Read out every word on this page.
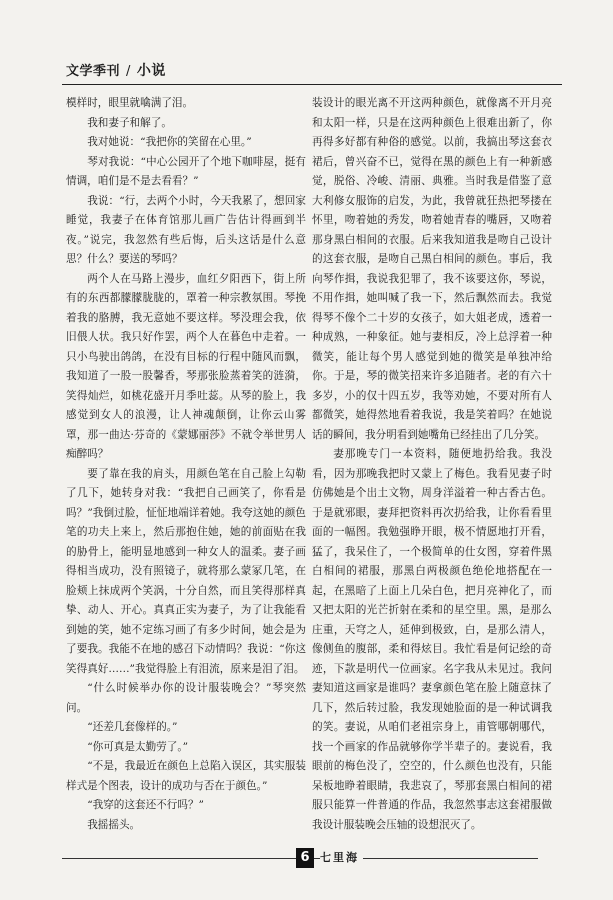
文学季刊 / 小说

模样时，眼里就噙满了泪。

我和妻子和解了。

我对她说：“我把你的笑留在心里。”

琴对我说：“中心公园开了个地下咖啡屋，挺有情调，咱们是不是去看看？”

我说：“行，去两个小时，今天我累了，想回家睡觉，我妻子在体育馆那儿画广告估计得画到半夜。”说完，我忽然有些后悔，后头这话是什么意思？什么？要送的琴吗？

两个人在马路上漫步，血红夕阳西下，街上所有的东西都朦朦胧胧的，罩着一种宗教氛围。琴挽着我的胳膊，我无意她不要这样。琴没理会我，依旧偎人状。我只好作罢，两个人在暮色中走着。一只小鸟驶出鸽鸽，在没有目标的行程中随风而飘，我知道了一股一股馨香，琴那张脸蒸着笑的涟漪，笑得灿烂，如桃花盛开月季吐蕊。从琴的脸上，我感觉到女人的浪漫，让人神魂颠倒，让你云山雾罩，那一曲达·芬奇的《蒙娜丽莎》不就令举世男人痴醉吗？

要了靠在我的肩头，用颜色笔在自己脸上勾勒了几下，她转身对我：“我把自己画笑了，你看是吗？”我倒过脸，怔怔地端详着她。我夸这她的颜色笔的功夫上来上，然后那抱住她，她的前面贴在我的胁骨上，能明显地感到一种女人的温柔。妻子画得相当成功，没有照镜子，就将那么蒙冢几笔，在脸颊上抹成两个笑涡，十分自然，而且笑得那样真挚、动人、开心。真真正实为妻子，为了让我能看到她的笑，她不定练习画了有多少时间，她会是为了要我。我能不在地的感召下动情吗？我说：“你这笑得真好……”我觉得脸上有泪流，原来是泪了泪。

“什么时候举办你的设计服装晚会？”琴突然问。

“还差几套像样的。”

“你可真是太勤劳了。”

“不是，我最近在颜色上总陷入误区，其实服装样式是个图表，设计的成功与否在于颜色。”

“我穿的这套还不行吗？”

我摇摇头。

装设计的眼光离不开这两种颜色，就像离不开月亮和太阳一样，只是在这两种颜色上很难出新了，你再得多好都有种俗的感觉。以前，我搞出琴这套衣裙后，曾兴奋不已，觉得在黑的颜色上有一种新感觉，脱俗、冷峻、清丽、典雅。当时我是借鉴了意大利修女服饰的启发，为此，我曾就狂热把琴搂在怀里，吻着她的秀发，吻着她青春的嘴唇，又吻着那身黑白相间的衣服。后来我知道我是吻自己设计的这套衣服，是吻自己黑白相间的颜色。事后，我向琴作揖，我说我犯罪了，我不该要这你，琴说，不用作揖，她叫喊了我一下，然后飘然而去。我觉得琴不像个二十岁的女孩子，如大姐老成，透着一种成熟，一种象征。她与妻相反，冷上总浮着一种微笑，能让每个男人感觉到她的微笑是单独冲给你。于是，琴的微笑招来许多追随者。老的有六十多岁，小的仅十四五岁，我等劝她，不要对所有人都微笑，她得然地看着我说，我是笑着吗？在她说话的瞬间，我分明看到她嘴角已经挂出了几分笑。

妻那晚专门一本资料，随便地扔给我。我没看，因为那晚我把时又蒙上了梅色。我看见妻子时仿佛她是个出土文物，周身洋溢着一种古香古色。于是就邪眼，妻拜把资料再次扔给我，让你看看里面的一幅图。我勉强睁开眼，极不情愿地打开看，猛了，我呆住了，一个极简单的仕女图，穿着件黑白相间的裙服，那黑白两极颜色绝伦地搭配在一起，在黑暗了上面上几朵白色，把月亮神化了，而又把太阳的光芒折射在柔和的星空里。黑，是那么庄重，天穹之人，延伸到极致，白，是那么清人，像侧鱼的腹部，柔和得炫目。我忙看是何记绘的奇迹，下款是明代一位画家。名字我从未见过。我问妻知道这画家是谁吗？妻拿颜色笔在脸上随意抹了几下，然后转过脸，我发现她脸面的是一种试调我的笑。妻说，从咱们老祖宗身上，甫管哪朝哪代，找一个画家的作品就够你学半辈子的。妻说看，我眼前的梅色没了，空空的，什么颜色也没有，只能呆板地睁着眼睛，我悲哀了，琴那套黑白相间的裙服只能算一件普通的作品，我忽然事志这套裙服做我设计服装晚会压轴的设想泯灭了。

6 七里海
